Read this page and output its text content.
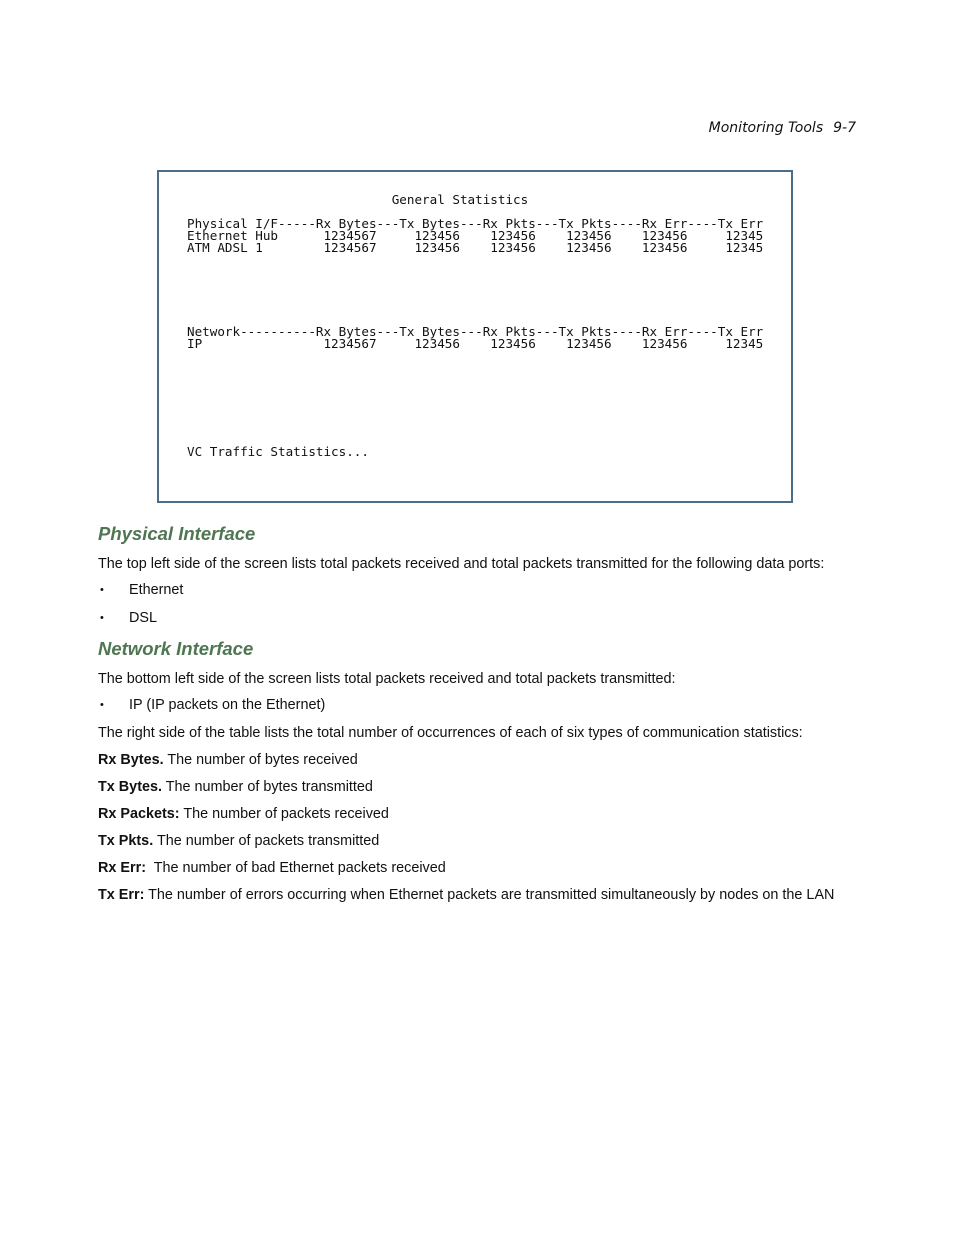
Monitoring Tools 9-7
General Statistics

Physical I/F-----Rx Bytes---Tx Bytes---Rx Pkts---Tx Pkts----Rx Err----Tx Err
Ethernet Hub      1234567     123456    123456    123456    123456     12345
ATM ADSL 1        1234567     123456    123456    123456    123456     12345

Network----------Rx Bytes---Tx Bytes---Rx Pkts---Tx Pkts----Rx Err----Tx Err
IP                1234567     123456    123456    123456    123456     12345

VC Traffic Statistics...
Physical Interface

The top left side of the screen lists total packets received and total packets transmitted for the following data ports:

• Ethernet
• DSL
Network Interface

The bottom left side of the screen lists total packets received and total packets transmitted:

• IP (IP packets on the Ethernet)

The right side of the table lists the total number of occurrences of each of six types of communication statistics:

Rx Bytes. The number of bytes received

Tx Bytes. The number of bytes transmitted

Rx Packets: The number of packets received

Tx Pkts. The number of packets transmitted

Rx Err:  The number of bad Ethernet packets received

Tx Err: The number of errors occurring when Ethernet packets are transmitted simultaneously by nodes on the LAN
